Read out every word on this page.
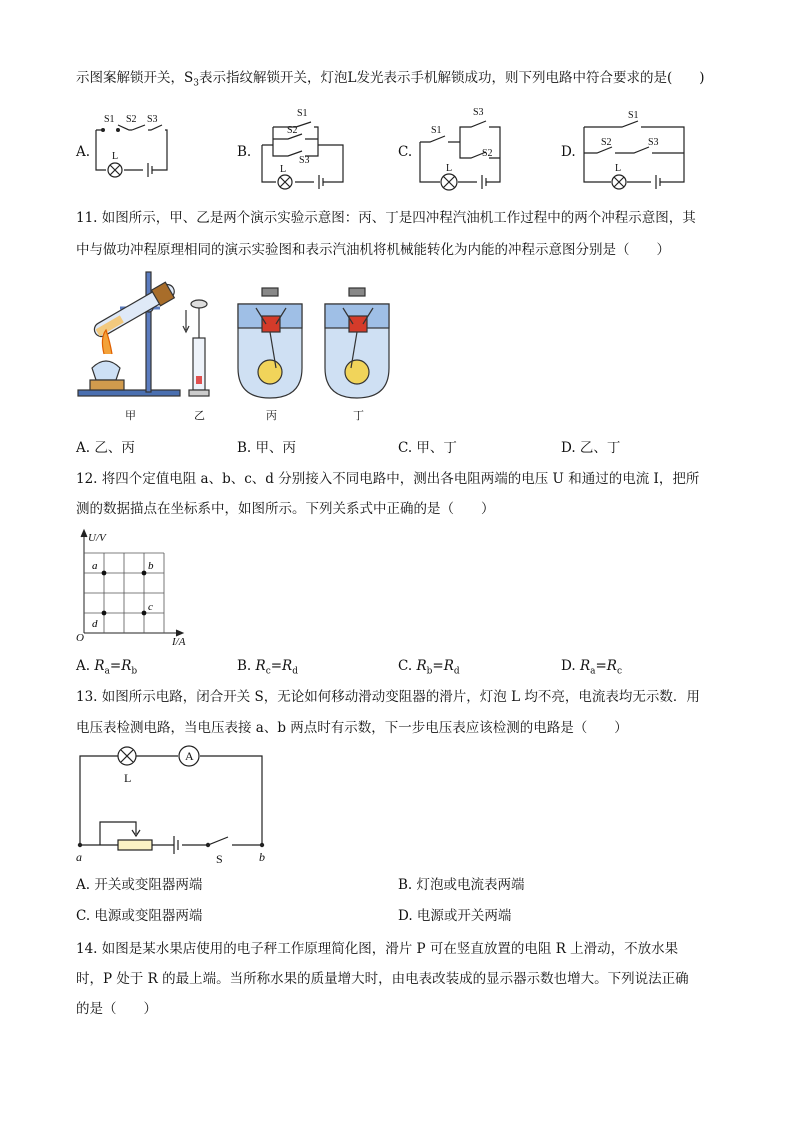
示图案解锁开关，$S_3$表示指纹解锁开关，灯泡L发光表示手机解锁成功，则下列电路中符合要求的是(　　)
A.	B.	C.	D.
S1 S2 S3
L
S1
S2
S3
L
S1
S3
S2
L
S1
S2	S3
L
11. 如图所示，甲、乙是两个演示实验示意图：丙、丁是四冲程汽油机工作过程中的两个冲程示意图，其
中与做功冲程原理相同的演示实验图和表示汽油机将机械能转化为内能的冲程示意图分别是（　　）
甲	乙	丙	丁
A. 乙、丙	B. 甲、丙	C. 甲、丁	D. 乙、丁
12. 将四个定值电阻 a、b、c、d 分别接入不同电路中，测出各电阻两端的电压 U 和通过的电流 I，把所
测的数据描点在坐标系中，如图所示。下列关系式中正确的是（　　）
a	b
c
d
U/V
I/A
O
A. $R_a=R_b$	B. $R_c=R_d$	C. $R_b=R_d$	D. $R_a=R_c$
13. 如图所示电路，闭合开关 S，无论如何移动滑动变阻器的滑片，灯泡 L 均不亮，电流表均无示数．用
电压表检测电路，当电压表接 a、b 两点时有示数，下一步电压表应该检测的电路是（　　）
L
A
a	b
S
A. 开关或变阻器两端	B. 灯泡或电流表两端
C. 电源或变阻器两端	D. 电源或开关两端
14. 如图是某水果店使用的电子秤工作原理简化图，滑片 P 可在竖直放置的电阻 R 上滑动，不放水果
时，P 处于 R 的最上端。当所称水果的质量增大时，由电表改装成的显示器示数也增大。下列说法正确
的是（　　）
